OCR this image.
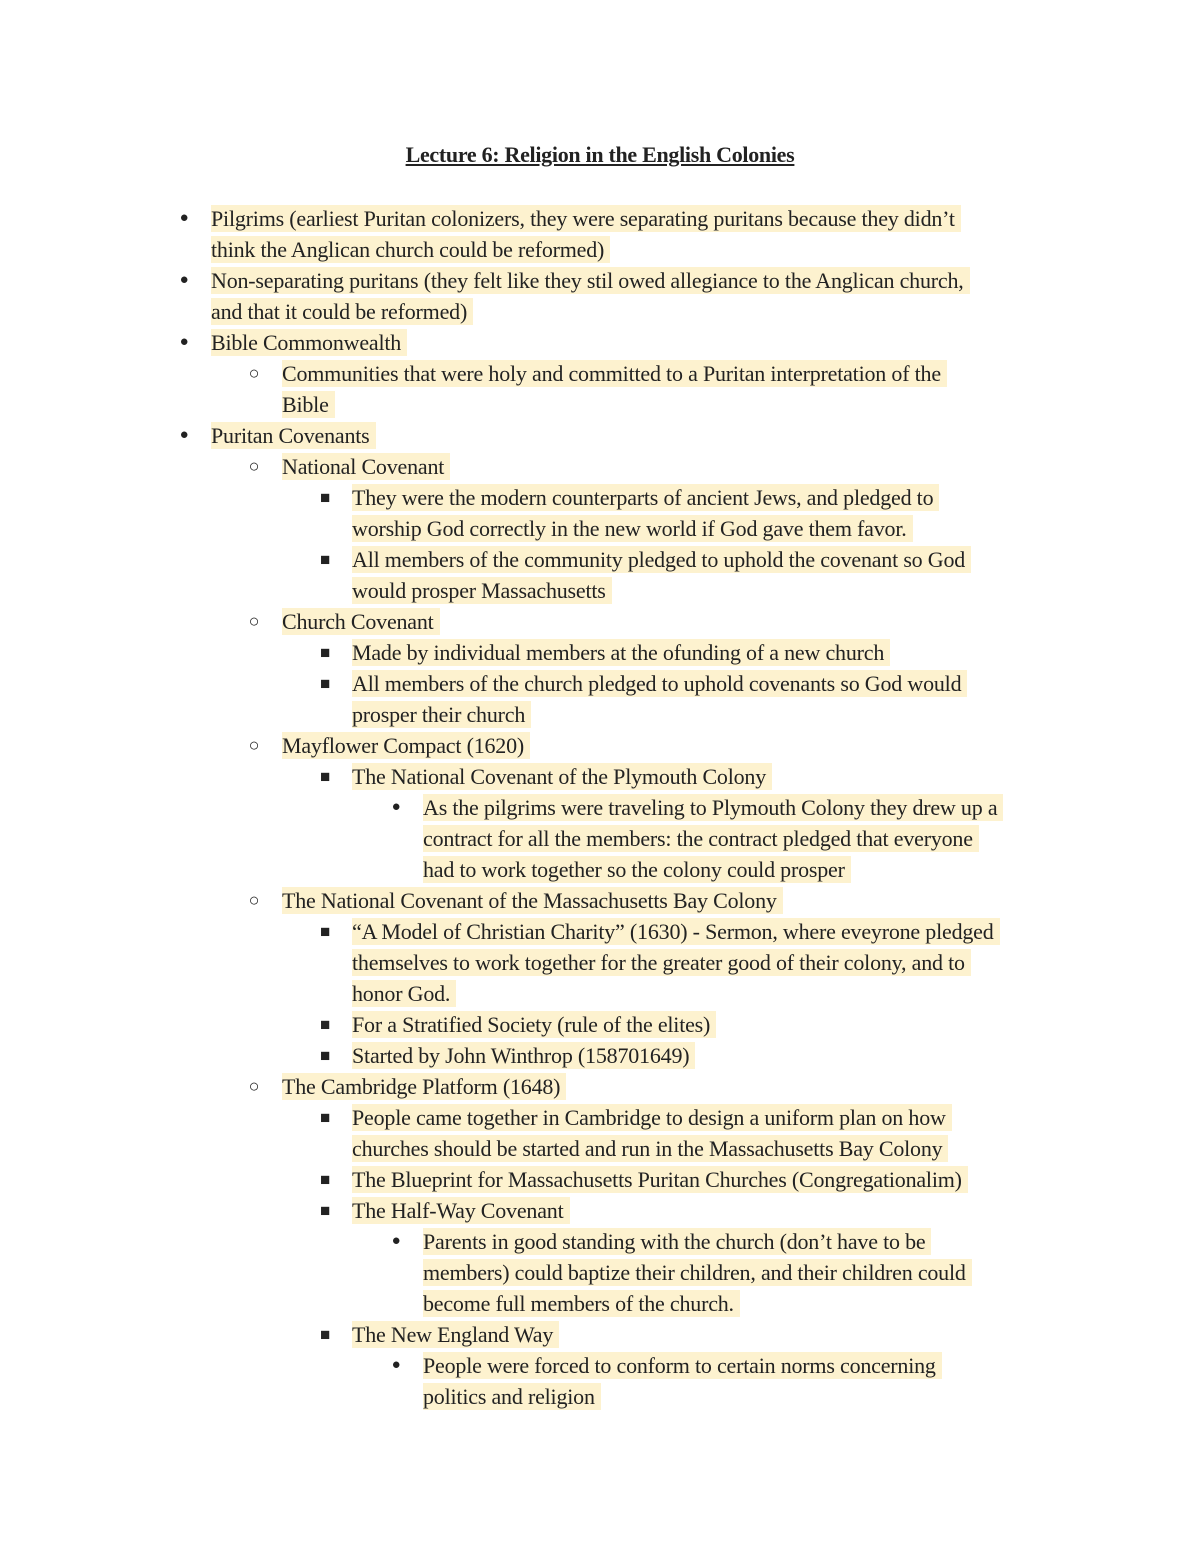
Lecture 6: Religion in the English Colonies
● Pilgrims (earliest Puritan colonizers, they were separating puritans because they didn’t
think the Anglican church could be reformed)
● Non-separating puritans (they felt like they stil owed allegiance to the Anglican church,
and that it could be reformed)
● Bible Commonwealth
○ Communities that were holy and committed to a Puritan interpretation of the
Bible
● Puritan Covenants
○ National Covenant
■ They were the modern counterparts of ancient Jews, and pledged to
worship God correctly in the new world if God gave them favor.
■ All members of the community pledged to uphold the covenant so God
would prosper Massachusetts
○ Church Covenant
■ Made by individual members at the ofunding of a new church
■ All members of the church pledged to uphold covenants so God would
prosper their church
○ Mayflower Compact (1620)
■ The National Covenant of the Plymouth Colony
● As the pilgrims were traveling to Plymouth Colony they drew up a
contract for all the members: the contract pledged that everyone
had to work together so the colony could prosper
○ The National Covenant of the Massachusetts Bay Colony
■ “A Model of Christian Charity” (1630) - Sermon, where eveyrone pledged
themselves to work together for the greater good of their colony, and to
honor God.
■ For a Stratified Society (rule of the elites)
■ Started by John Winthrop (158701649)
○ The Cambridge Platform (1648)
■ People came together in Cambridge to design a uniform plan on how
churches should be started and run in the Massachusetts Bay Colony
■ The Blueprint for Massachusetts Puritan Churches (Congregationalim)
■ The Half-Way Covenant
● Parents in good standing with the church (don’t have to be
members) could baptize their children, and their children could
become full members of the church.
■ The New England Way
● People were forced to conform to certain norms concerning
politics and religion
